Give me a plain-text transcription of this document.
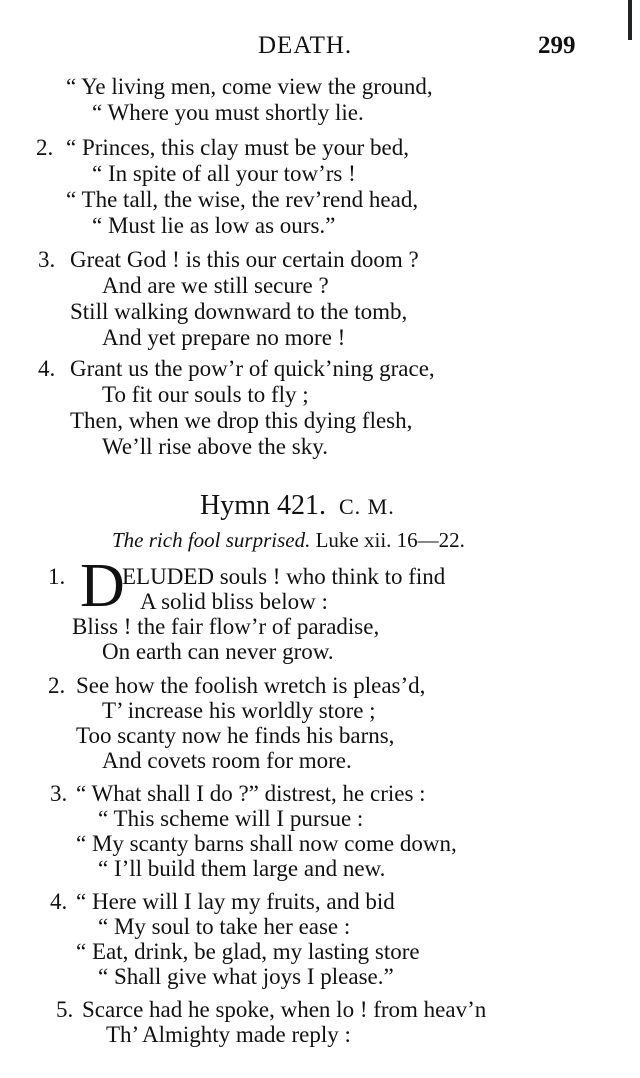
DEATH.	299
“ Ye living men, come view the ground,
“ Where you must shortly lie.
2. “ Princes, this clay must be your bed,
“ In spite of all your tow’rs !
“ The tall, the wise, the rev’rend head,
“ Must lie as low as ours.”
3. Great God ! is this our certain doom ?
And are we still secure ?
Still walking downward to the tomb,
And yet prepare no more !
4. Grant us the pow’r of quick’ning grace,
To fit our souls to fly ;
Then, when we drop this dying flesh,
We’ll rise above the sky.
Hymn 421. C. M.
The rich fool surprised. Luke xii. 16—22.
1. D
ELUDED souls ! who think to find
A solid bliss below :
Bliss ! the fair flow’r of paradise,
On earth can never grow.
2. See how the foolish wretch is pleas’d,
T’ increase his worldly store ;
Too scanty now he finds his barns,
And covets room for more.
3. “ What shall I do ?” distrest, he cries :
“ This scheme will I pursue :
“ My scanty barns shall now come down,
“ I’ll build them large and new.
4. “ Here will I lay my fruits, and bid
“ My soul to take her ease :
“ Eat, drink, be glad, my lasting store
“ Shall give what joys I please.”
5. Scarce had he spoke, when lo ! from heav’n
Th’ Almighty made reply :
